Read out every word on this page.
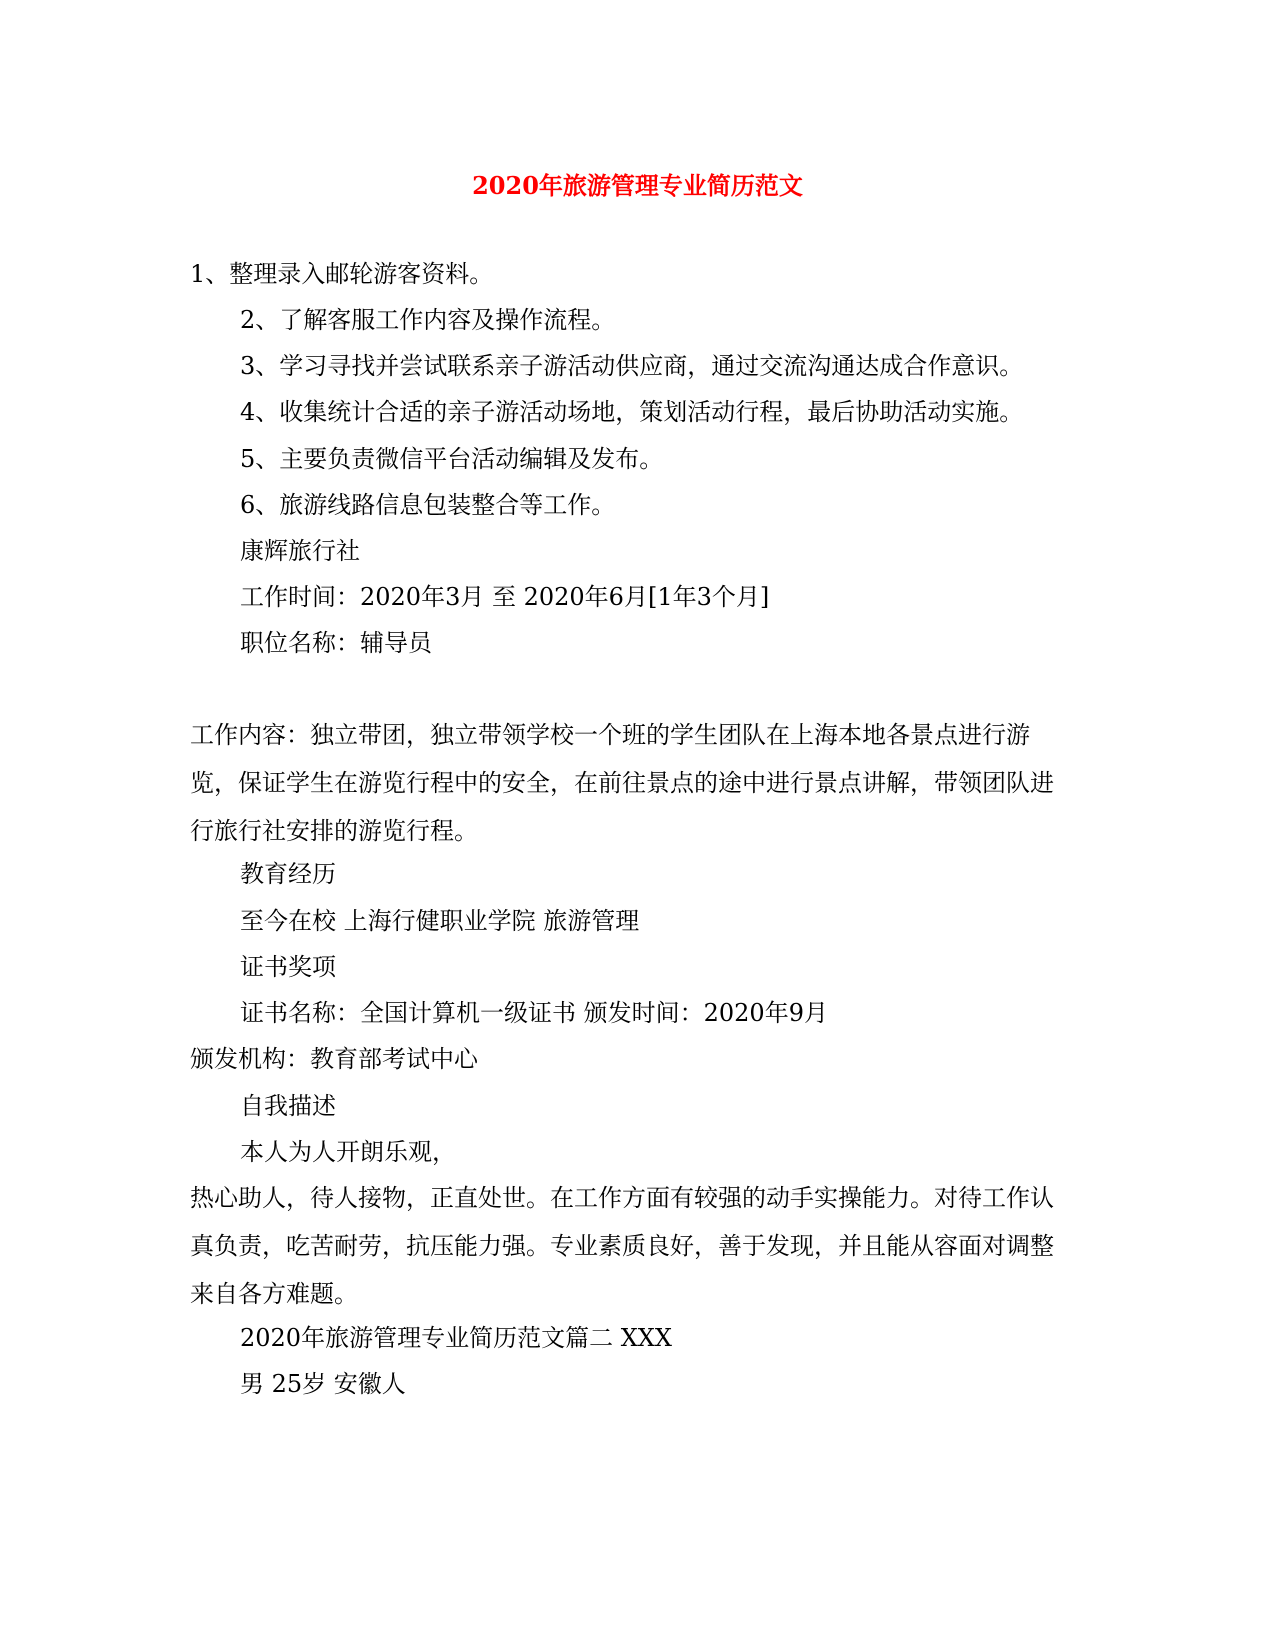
2020年旅游管理专业简历范文
1、整理录入邮轮游客资料。
2、了解客服工作内容及操作流程。
3、学习寻找并尝试联系亲子游活动供应商，通过交流沟通达成合作意识。
4、收集统计合适的亲子游活动场地，策划活动行程，最后协助活动实施。
5、主要负责微信平台活动编辑及发布。
6、旅游线路信息包装整合等工作。
康辉旅行社
工作时间：2020年3月 至 2020年6月[1年3个月]
职位名称：辅导员
工作内容：独立带团，独立带领学校一个班的学生团队在上海本地各景点进行游览，保证学生在游览行程中的安全，在前往景点的途中进行景点讲解，带领团队进行旅行社安排的游览行程。
教育经历
至今在校 上海行健职业学院 旅游管理
证书奖项
证书名称：全国计算机一级证书 颁发时间：2020年9月
颁发机构：教育部考试中心
自我描述
本人为人开朗乐观，
热心助人，待人接物，正直处世。在工作方面有较强的动手实操能力。对待工作认真负责，吃苦耐劳，抗压能力强。专业素质良好，善于发现，并且能从容面对调整来自各方难题。
2020年旅游管理专业简历范文篇二 XXX
男 25岁 安徽人
